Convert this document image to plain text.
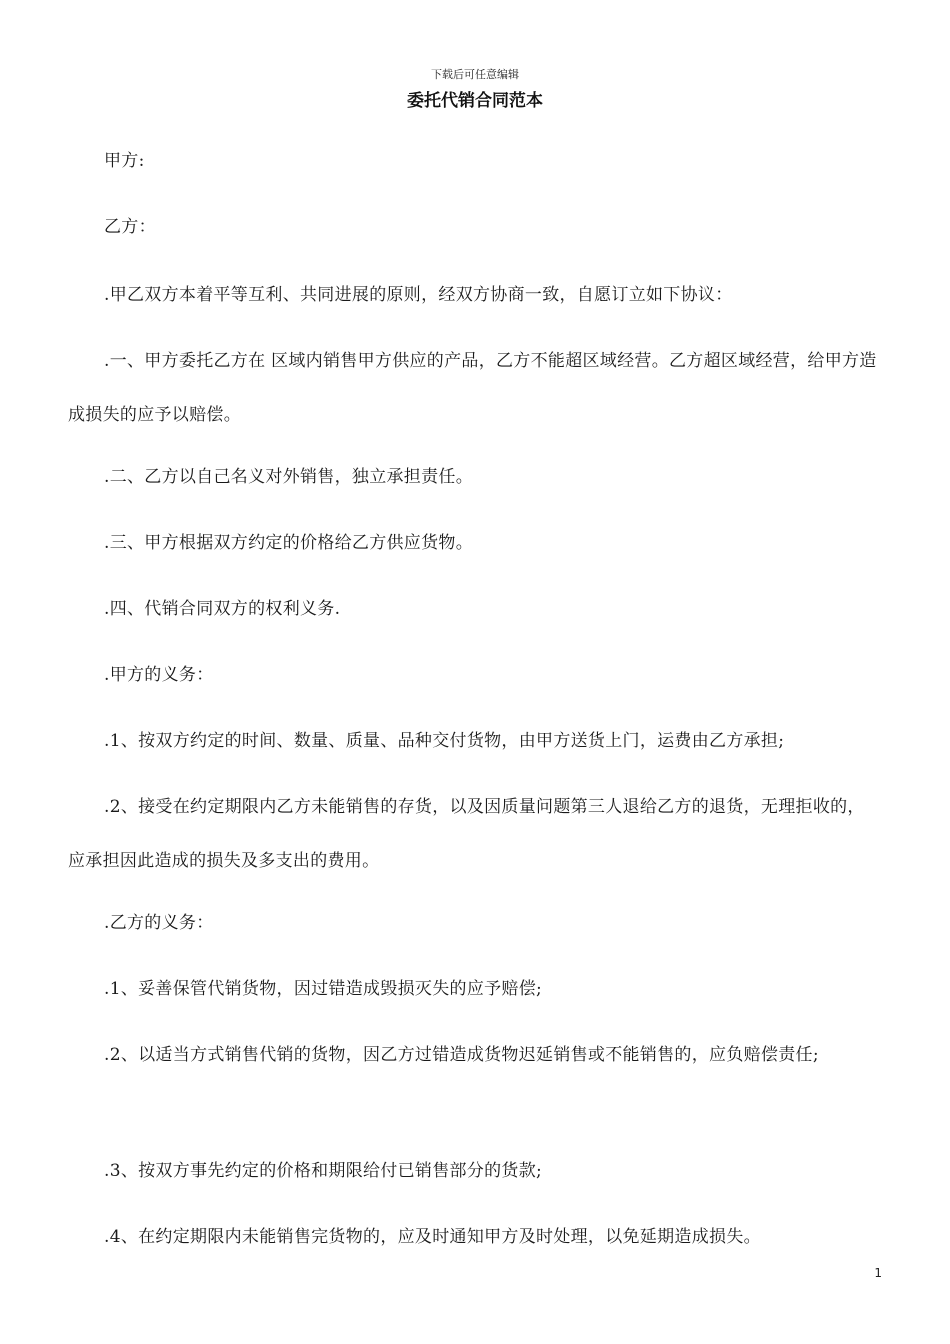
下载后可任意编辑
委托代销合同范本

甲方:

乙方：

.甲乙双方本着平等互利、共同进展的原则，经双方协商一致，自愿订立如下协议：

.一、甲方委托乙方在 区域内销售甲方供应的产品，乙方不能超区域经营。乙方超区域经营，给甲方造成损失的应予以赔偿。

.二、乙方以自己名义对外销售，独立承担责任。

.三、甲方根据双方约定的价格给乙方供应货物。

.四、代销合同双方的权利义务.

.甲方的义务：

.1、按双方约定的时间、数量、质量、品种交付货物，由甲方送货上门，运费由乙方承担;

.2、接受在约定期限内乙方未能销售的存货，以及因质量问题第三人退给乙方的退货，无理拒收的，应承担因此造成的损失及多支出的费用。

.乙方的义务：

.1、妥善保管代销货物，因过错造成毁损灭失的应予赔偿;

.2、以适当方式销售代销的货物，因乙方过错造成货物迟延销售或不能销售的，应负赔偿责任;

.3、按双方事先约定的价格和期限给付已销售部分的货款;

.4、在约定期限内未能销售完货物的，应及时通知甲方及时处理，以免延期造成损失。

1
